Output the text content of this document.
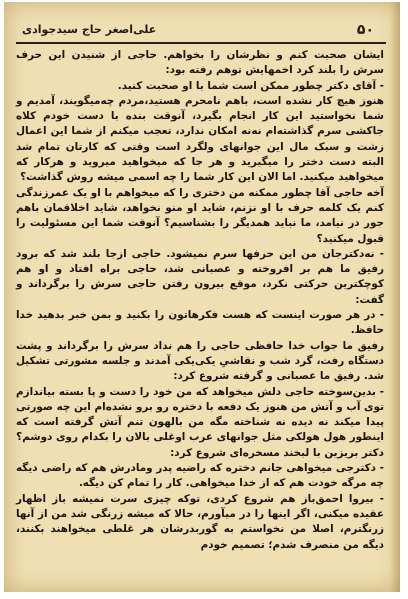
۵۰
علی‌اصغر حاج سیدجوادی

ایشان صحبت کنم و نظرشان را بخواهم. حاجی از شنیدن این حرف سرش را بلند کرد اخمهایش توهم رفته بود:

- آقای دکتر چطور ممکن است شما با او صحبت کنید.

هنوز هیچ کار نشده است، باهم نامحرم هستید،مردم چه‌میگویند، آمدیم و شما نخواستید این کار انجام بگیرد، آنوقت بنده با دست خودم کلاه جاکشی سرم گذاشته‌ام نه‌نه امکان ندارد، تعجب میکنم از شما این اعمال زشت و سبک مال این جوانهای ولگرد است وقتی که کارتان تمام شد البته دست دختر را میگیرید و هر جا که میخواهید میروید و هرکار که میخواهید میکنید. اما الان این کار شما را چه اسمی میشه روش گذاشت؟

آخه حاجی آقا چطور ممکنه من دختری را که میخواهم با او یک عمرزندگی کنم یک کلمه حرف با او نزنم، شاید او منو نخواهد، شاید اخلاقمان باهم جور در نیامد، ما نباید همدیگر را بشناسیم؟ آنوقت شما این مسئولیت را قبول میکنید؟

- نه‌دکترجان من این حرفها سرم نمیشود. حاجی ازجا بلند شد که برود رفیق ما هم بر افروخته و عصبانی شد، حاجی براه افتاد و او هم کوچکترین حرکتی نکرد، موقع بیرون رفتن حاجی سرش را برگرداند و گفت:

- در هر صورت اینست که هست فکرهاتون را بکنید و بمن خبر بدهید خدا حافظ.

رفیق ما جواب خدا حافظی حاجی را هم نداد سرش را برگرداند و پشت دستگاه رفت، گرد شب و نقاشیِ یکی‌یکی آمدند و جلسه مشورتی تشکیل شد. رفیق ما عصبانی و گرفته شروع کرد:

- بدین‌سوخته حاجی دلش میخواهد که من خود را دست و پا بسته بیاندازم توی آب و آتش من هنوز یک دفعه با دختره رو برو نشده‌ام این چه صورتی پیدا میکند نه دیده نه شناخته مگه من بالهون تنم آتش گرفته است که اینطور هول هولکی مثل جوانهای عرب اوغلی بالان را بکدام روی دوشم؟

دکتر بریزین با لبخند مسخره‌ای شروع کرد:

- دکترجی میخواهی جانم دختره که راضیه پدر ومادرش هم که راضی دیگه چه مرگه خودت هم که از خدا میخواهی. کار را تمام کن دیگه.

- بیروا احمق‌باز هم شروع کردی، توکه چیزی سرت نمیشه باز اظهار عقیده میکنی، اگر اینها را در میآورم، حالا که میشه زرنگی شد من از آنها زرنگترم، اصلا من نخواستم به گوربدرشان هر غلطی میخواهند بکنند، دیگه من منصرف شدم؛ تصمیم خودم
